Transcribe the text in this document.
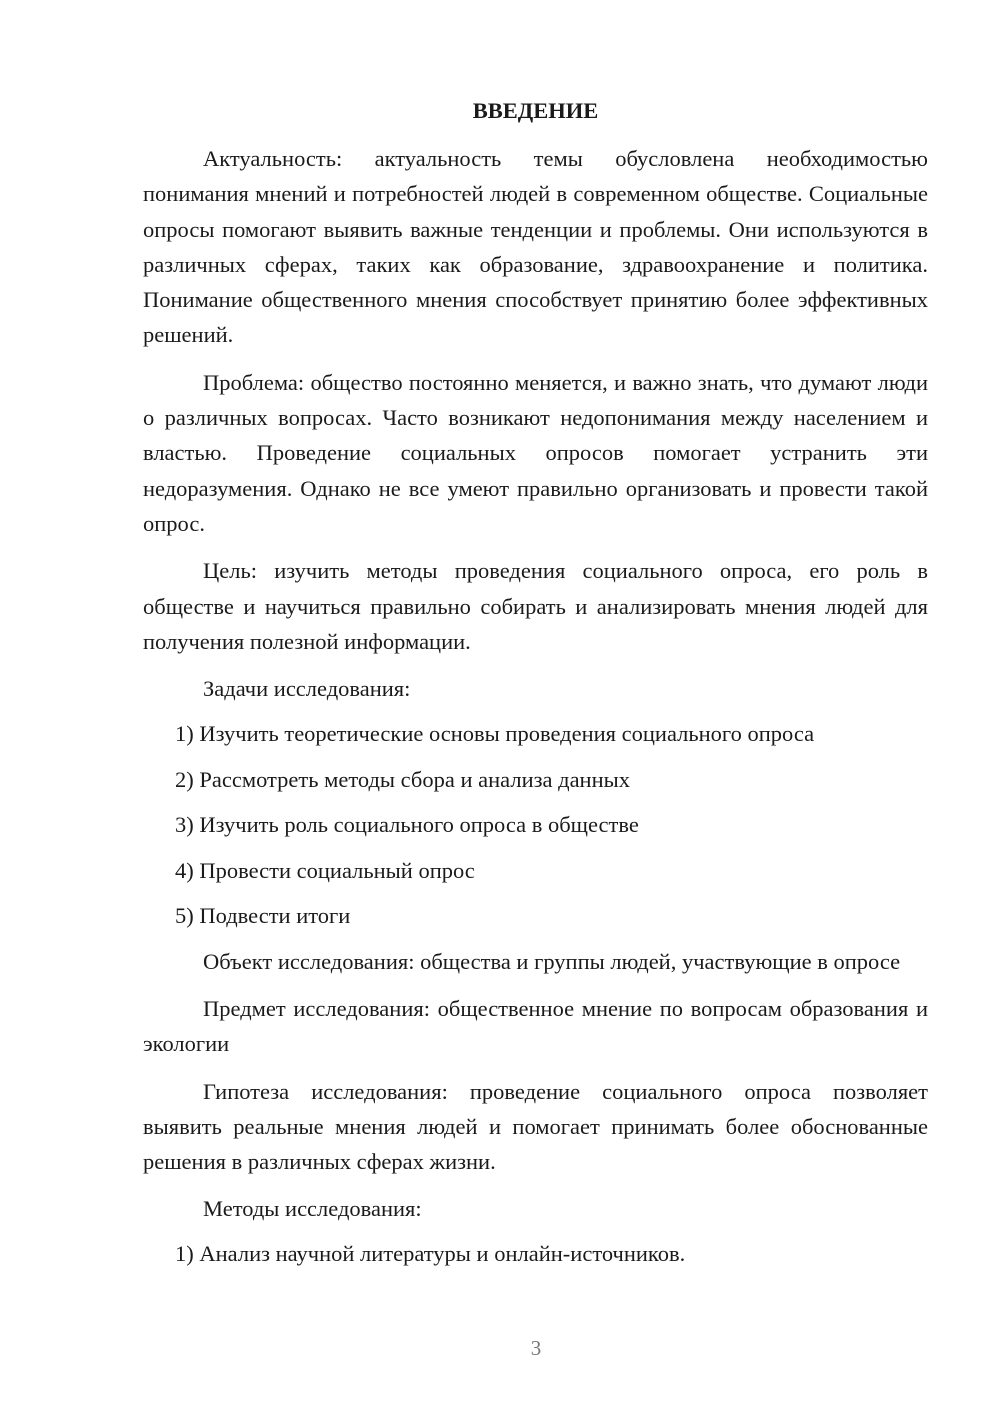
ВВЕДЕНИЕ

Актуальность: актуальность темы обусловлена необходимостью понимания мнений и потребностей людей в современном обществе. Социальные опросы помогают выявить важные тенденции и проблемы. Они используются в различных сферах, таких как образование, здравоохранение и политика. Понимание общественного мнения способствует принятию более эффективных решений.

Проблема: общество постоянно меняется, и важно знать, что думают люди о различных вопросах. Часто возникают недопонимания между населением и властью. Проведение социальных опросов помогает устранить эти недоразумения. Однако не все умеют правильно организовать и провести такой опрос.

Цель: изучить методы проведения социального опроса, его роль в обществе и научиться правильно собирать и анализировать мнения людей для получения полезной информации.

Задачи исследования:
1) Изучить теоретические основы проведения социального опроса
2) Рассмотреть методы сбора и анализа данных
3) Изучить роль социального опроса в обществе
4) Провести социальный опрос
5) Подвести итоги

Объект исследования: общества и группы людей, участвующие в опросе

Предмет исследования: общественное мнение по вопросам образования и экологии

Гипотеза исследования: проведение социального опроса позволяет выявить реальные мнения людей и помогает принимать более обоснованные решения в различных сферах жизни.

Методы исследования:
1) Анализ научной литературы и онлайн-источников.
3
